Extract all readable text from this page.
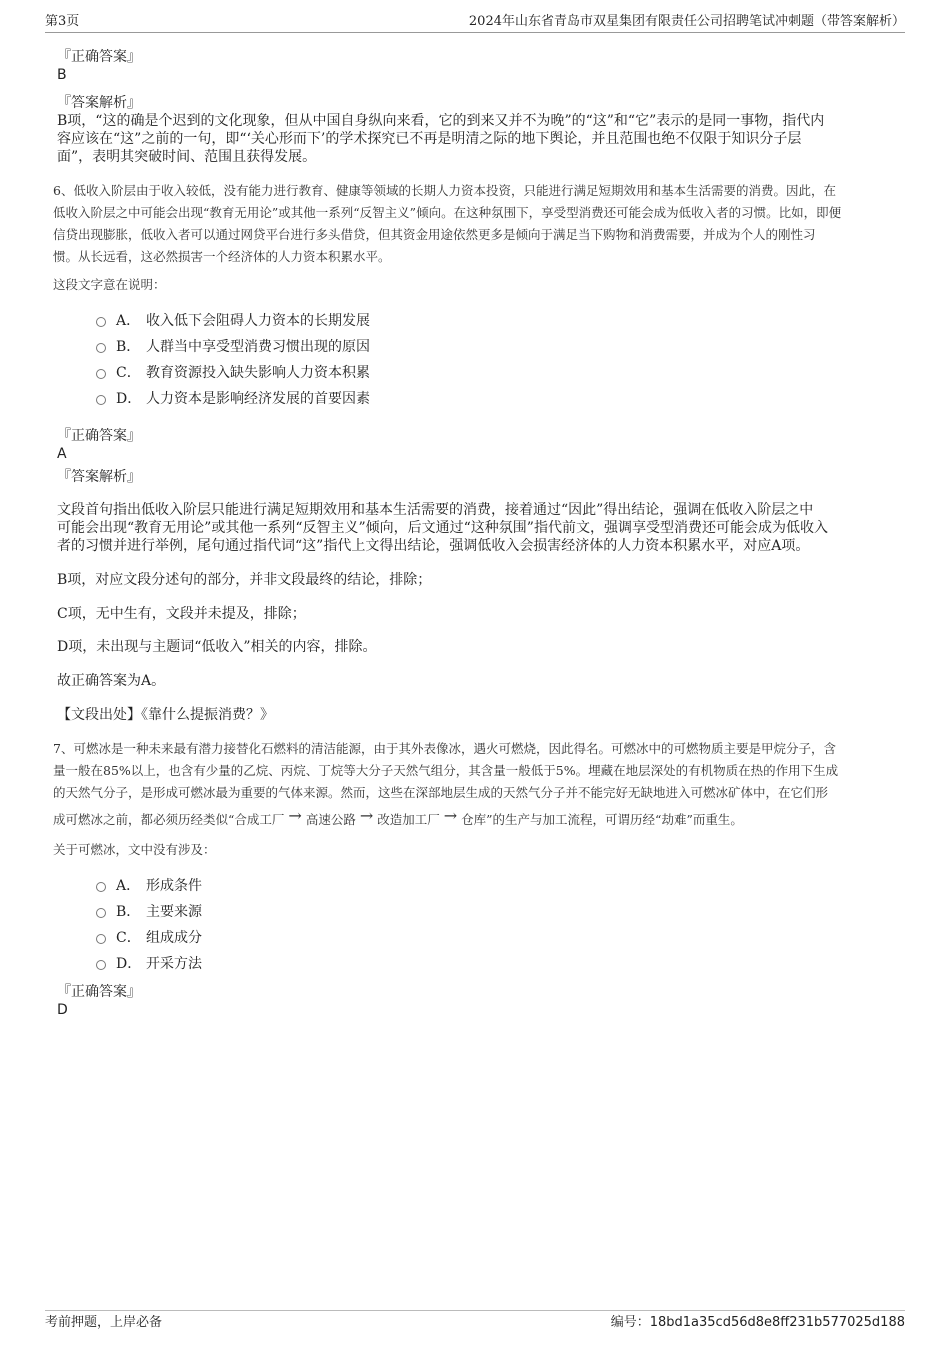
第3页	2024年山东省青岛市双星集团有限责任公司招聘笔试冲刺题（带答案解析）
『正确答案』
B
『答案解析』
B项，“这的确是个迟到的文化现象，但从中国自身纵向来看，它的到来又并不为晚”的“这”和“它”表示的是同一事物，指代内
容应该在“这”之前的一句，即“‘关心形而下’的学术探究已不再是明清之际的地下舆论，并且范围也绝不仅限于知识分子层
面”，表明其突破时间、范围且获得发展。
6、低收入阶层由于收入较低，没有能力进行教育、健康等领域的长期人力资本投资，只能进行满足短期效用和基本生活需要的消费。因此，在
低收入阶层之中可能会出现“教育无用论”或其他一系列“反智主义”倾向。在这种氛围下，享受型消费还可能会成为低收入者的习惯。比如，即便
信贷出现膨胀，低收入者可以通过网贷平台进行多头借贷，但其资金用途依然更多是倾向于满足当下购物和消费需要，并成为个人的刚性习
惯。从长远看，这必然损害一个经济体的人力资本积累水平。
这段文字意在说明：
A． 收入低下会阻碍人力资本的长期发展
B． 人群当中享受型消费习惯出现的原因
C． 教育资源投入缺失影响人力资本积累
D． 人力资本是影响经济发展的首要因素
『正确答案』
A
『答案解析』
文段首句指出低收入阶层只能进行满足短期效用和基本生活需要的消费，接着通过“因此”得出结论，强调在低收入阶层之中
可能会出现“教育无用论”或其他一系列“反智主义”倾向，后文通过“这种氛围”指代前文，强调享受型消费还可能会成为低收入
者的习惯并进行举例，尾句通过指代词“这”指代上文得出结论，强调低收入会损害经济体的人力资本积累水平，对应A项。
B项，对应文段分述句的部分，并非文段最终的结论，排除；
C项，无中生有，文段并未提及，排除；
D项，未出现与主题词“低收入”相关的内容，排除。
故正确答案为A。
【文段出处】《靠什么提振消费？》
7、可燃冰是一种未来最有潜力接替化石燃料的清洁能源，由于其外表像冰，遇火可燃烧，因此得名。可燃冰中的可燃物质主要是甲烷分子，含
量一般在85%以上，也含有少量的乙烷、丙烷、丁烷等大分子天然气组分，其含量一般低于5%。埋藏在地层深处的有机物质在热的作用下生成
的天然气分子，是形成可燃冰最为重要的气体来源。然而，这些在深部地层生成的天然气分子并不能完好无缺地进入可燃冰矿体中，在它们形
成可燃冰之前，都必须历经类似“合成工厂 → 高速公路 → 改造加工厂 → 仓库”的生产与加工流程，可谓历经“劫难”而重生。
关于可燃冰，文中没有涉及：
A． 形成条件
B． 主要来源
C． 组成成分
D． 开采方法
『正确答案』
D
考前押题，上岸必备	编号：18bd1a35cd56d8e8ff231b577025d188
